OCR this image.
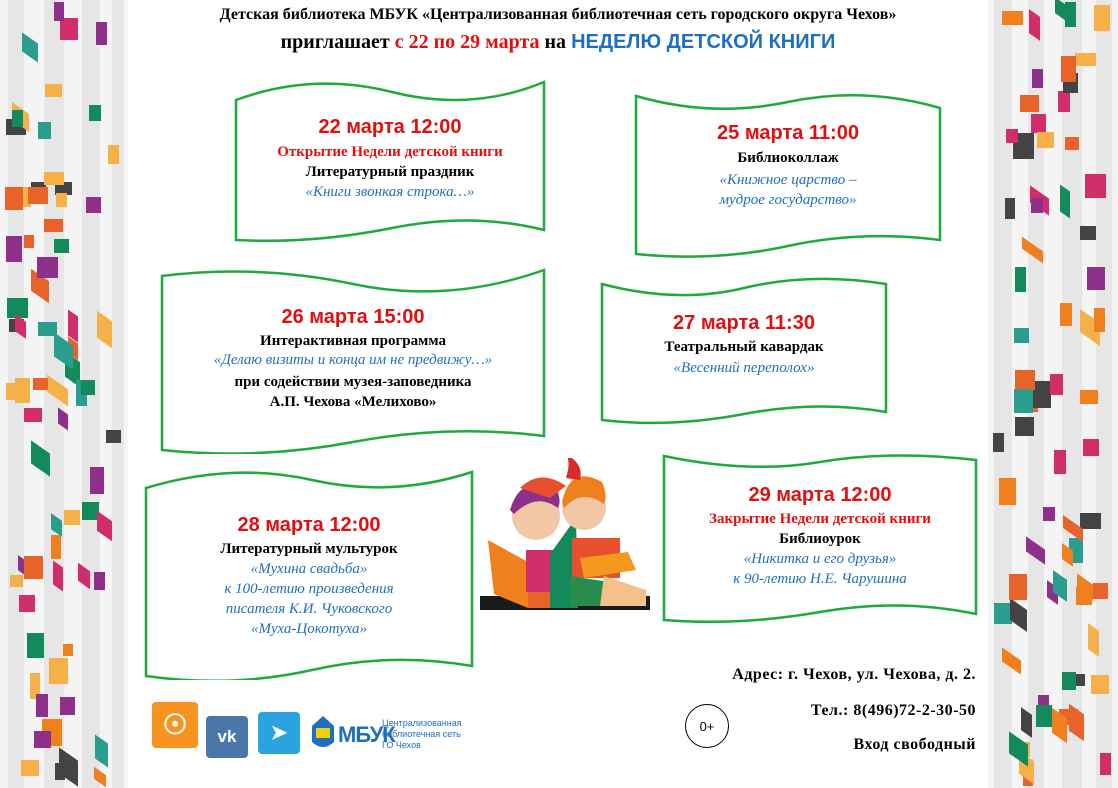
Детская библиотека МБУК «Централизованная библиотечная сеть городского округа Чехов»
приглашает с 22 по 29 марта на НЕДЕЛЮ ДЕТСКОЙ КНИГИ
22 марта 12:00
Открытие Недели детской книги
Литературный праздник
«Книги звонкая строка…»
25 марта 11:00
Библиоколлаж
«Книжное царство –
мудрое государство»
26 марта 15:00
Интерактивная программа
«Делаю визиты и концa им не предвижу…»
при содействии музея-заповедника
А.П. Чехова «Мелихово»
27 марта 11:30
Театральный кавардак
«Весенний переполох»
28 марта 12:00
Литературный мультурок
«Мухина свадьба»
к 100-летию произведения
писателя К.И. Чуковского
«Муха-Цокотуха»
29 марта 12:00
Закрытие Недели детской книги
Библиоурок
«Никитка и его друзья»
к 90-летию Н.Е. Чарушина
☉	vk	➤	МБУК
Централизованная
библиотечная сеть
ГО Чехов
Адрес: г. Чехов, ул. Чехова, д. 2.
Тел.: 8(496)72-2-30-50
Вход свободный
0+
